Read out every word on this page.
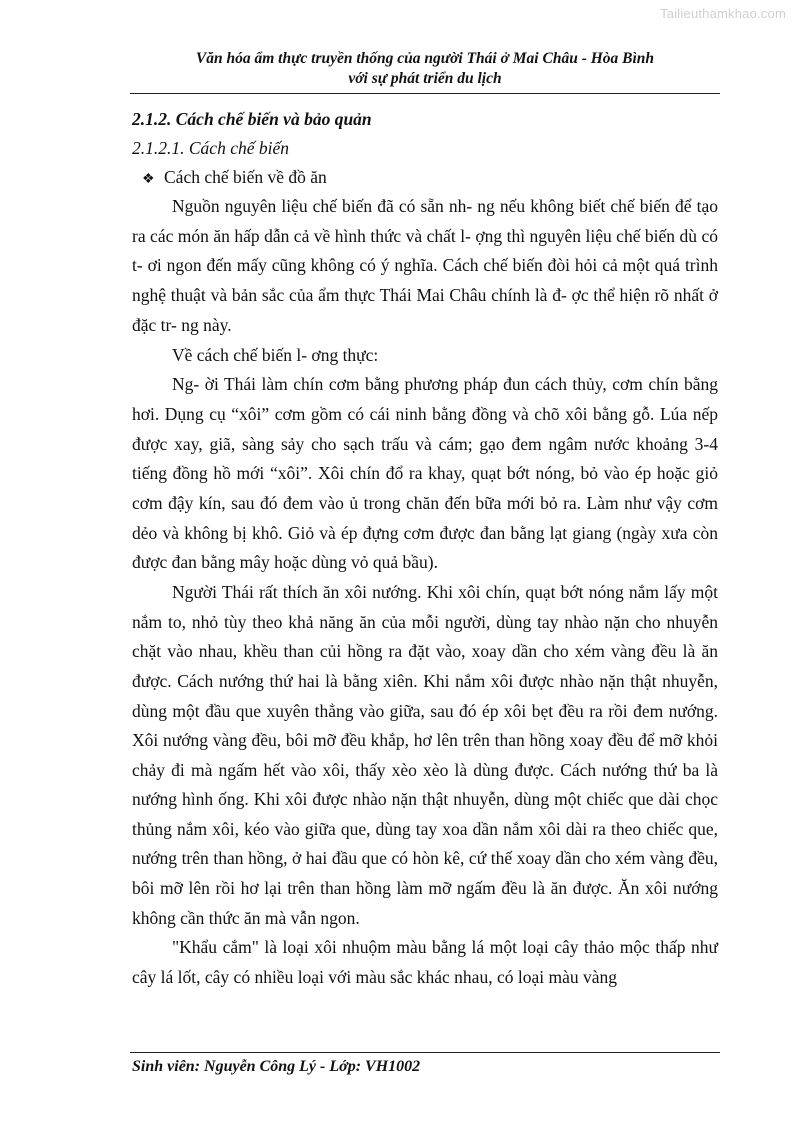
Tailieuthamkhao.com
Văn hóa ẩm thực truyền thống của người Thái ở Mai Châu - Hòa Bình
với sự phát triển du lịch
2.1.2. Cách chế biến và bảo quản
2.1.2.1. Cách chế biến
❖ Cách chế biến về đồ ăn

Nguồn nguyên liệu chế biến đã có sẵn nh- ng nếu không biết chế biến để tạo ra các món ăn hấp dẫn cả về hình thức và chất l- ợng thì nguyên liệu chế biến dù có t- ơi ngon đến mấy cũng không có ý nghĩa. Cách chế biến đòi hỏi cả một quá trình nghệ thuật và bản sắc của ẩm thực Thái Mai Châu chính là đ- ợc thể hiện rõ nhất ở đặc tr- ng này.

Về cách chế biến l- ơng thực:

Ng- ời Thái làm chín cơm bằng phương pháp đun cách thủy, cơm chín bằng hơi. Dụng cụ “xôi” cơm gồm có cái ninh bằng đồng và chõ xôi bằng gỗ. Lúa nếp được xay, giã, sàng sảy cho sạch trấu và cám; gạo đem ngâm nước khoảng 3-4 tiếng đồng hồ mới “xôi”. Xôi chín đổ ra khay, quạt bớt nóng, bỏ vào ép hoặc giỏ cơm đậy kín, sau đó đem vào ủ trong chăn đến bữa mới bỏ ra. Làm như vậy cơm dẻo và không bị khô. Giỏ và ép đựng cơm được đan bằng lạt giang (ngày xưa còn được đan bằng mây hoặc dùng vỏ quả bầu).

Người Thái rất thích ăn xôi nướng. Khi xôi chín, quạt bớt nóng nắm lấy một nắm to, nhỏ tùy theo khả năng ăn của mỗi người, dùng tay nhào nặn cho nhuyễn chặt vào nhau, khều than củi hồng ra đặt vào, xoay dần cho xém vàng đều là ăn được. Cách nướng thứ hai là bằng xiên. Khi nắm xôi được nhào nặn thật nhuyễn, dùng một đầu que xuyên thẳng vào giữa, sau đó ép xôi bẹt đều ra rồi đem nướng. Xôi nướng vàng đều, bôi mỡ đều khắp, hơ lên trên than hồng xoay đều để mỡ khỏi chảy đi mà ngấm hết vào xôi, thấy xèo xèo là dùng được. Cách nướng thứ ba là nướng hình ống. Khi xôi được nhào nặn thật nhuyễn, dùng một chiếc que dài chọc thủng nắm xôi, kéo vào giữa que, dùng tay xoa dần nắm xôi dài ra theo chiếc que, nướng trên than hồng, ở hai đầu que có hòn kê, cứ thế xoay dần cho xém vàng đều, bôi mỡ lên rồi hơ lại trên than hồng làm mỡ ngấm đều là ăn được. Ăn xôi nướng không cần thức ăn mà vẫn ngon.

"Khẩu cắm" là loại xôi nhuộm màu bằng lá một loại cây thảo mộc thấp như cây lá lốt, cây có nhiều loại với màu sắc khác nhau, có loại màu vàng

Sinh viên: Nguyễn Công Lý - Lớp: VH1002
